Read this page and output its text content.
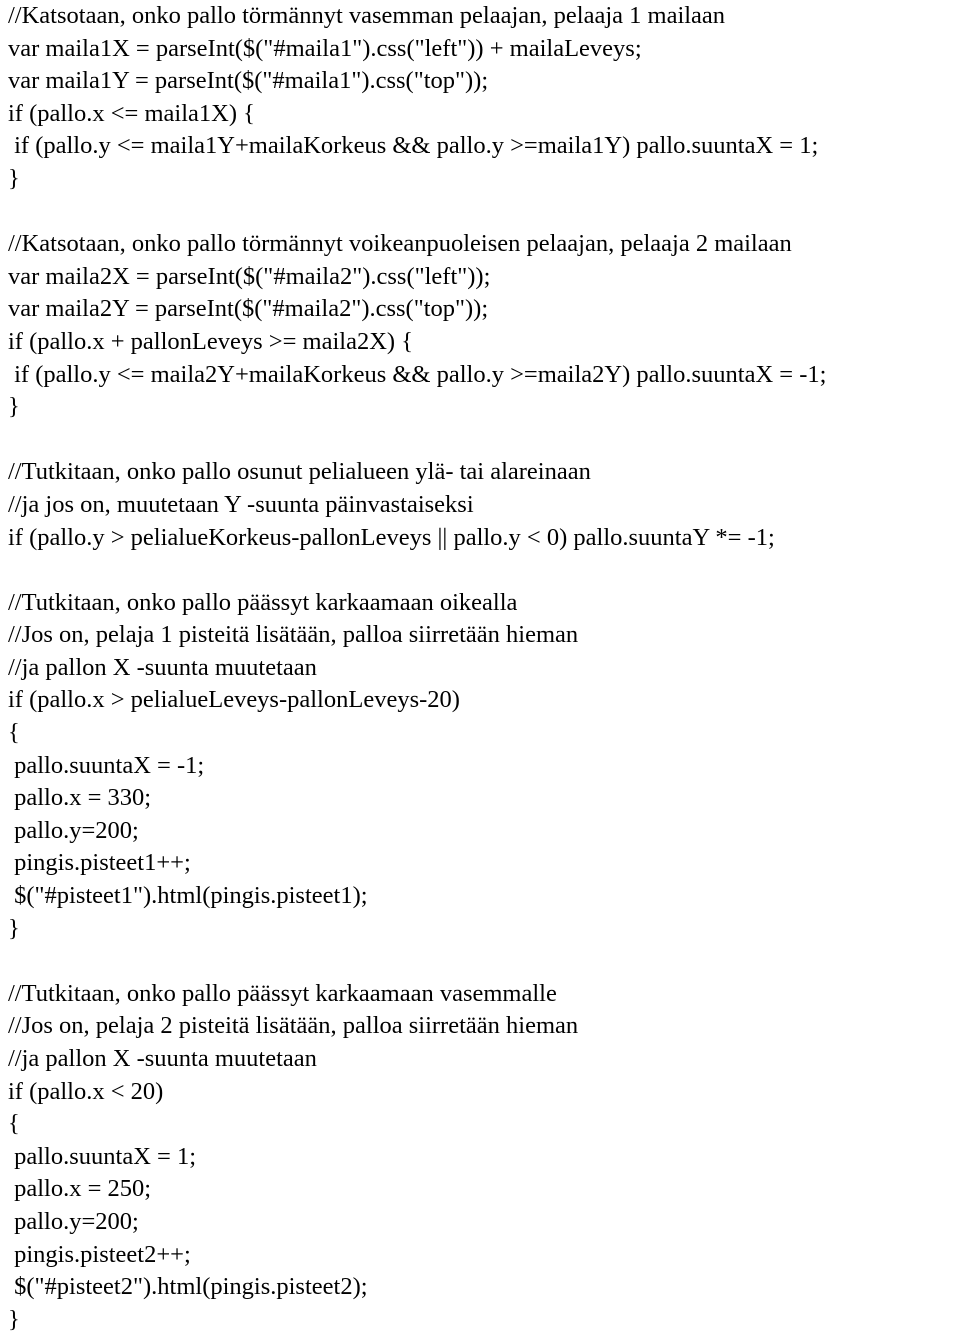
//Katsotaan, onko pallo törmännyt vasemman pelaajan, pelaaja 1 mailaan
var maila1X = parseInt($("#maila1").css("left")) + mailaLeveys;
var maila1Y = parseInt($("#maila1").css("top"));
if (pallo.x <= maila1X) {
if (pallo.y <= maila1Y+mailaKorkeus && pallo.y >=maila1Y) pallo.suuntaX = 1;
}
//Katsotaan, onko pallo törmännyt voikeanpuoleisen pelaajan, pelaaja 2 mailaan
var maila2X = parseInt($("#maila2").css("left"));
var maila2Y = parseInt($("#maila2").css("top"));
if (pallo.x + pallonLeveys >= maila2X) {
if (pallo.y <= maila2Y+mailaKorkeus && pallo.y >=maila2Y) pallo.suuntaX = -1;
}
//Tutkitaan, onko pallo osunut pelialueen ylä- tai alareinaan
//ja jos on, muutetaan Y -suunta päinvastaiseksi
if (pallo.y > pelialueKorkeus-pallonLeveys || pallo.y < 0) pallo.suuntaY *= -1;
//Tutkitaan, onko pallo päässyt karkaamaan oikealla
//Jos on, pelaja 1 pisteitä lisätään, palloa siirretään hieman
//ja pallon X -suunta muutetaan
if (pallo.x > pelialueLeveys-pallonLeveys-20)
{
pallo.suuntaX = -1;
pallo.x = 330;
pallo.y=200;
pingis.pisteet1++;
$("#pisteet1").html(pingis.pisteet1);
}
//Tutkitaan, onko pallo päässyt karkaamaan vasemmalle
//Jos on, pelaja 2 pisteitä lisätään, palloa siirretään hieman
//ja pallon X -suunta muutetaan
if (pallo.x < 20)
{
pallo.suuntaX = 1;
pallo.x = 250;
pallo.y=200;
pingis.pisteet2++;
$("#pisteet2").html(pingis.pisteet2);
}
